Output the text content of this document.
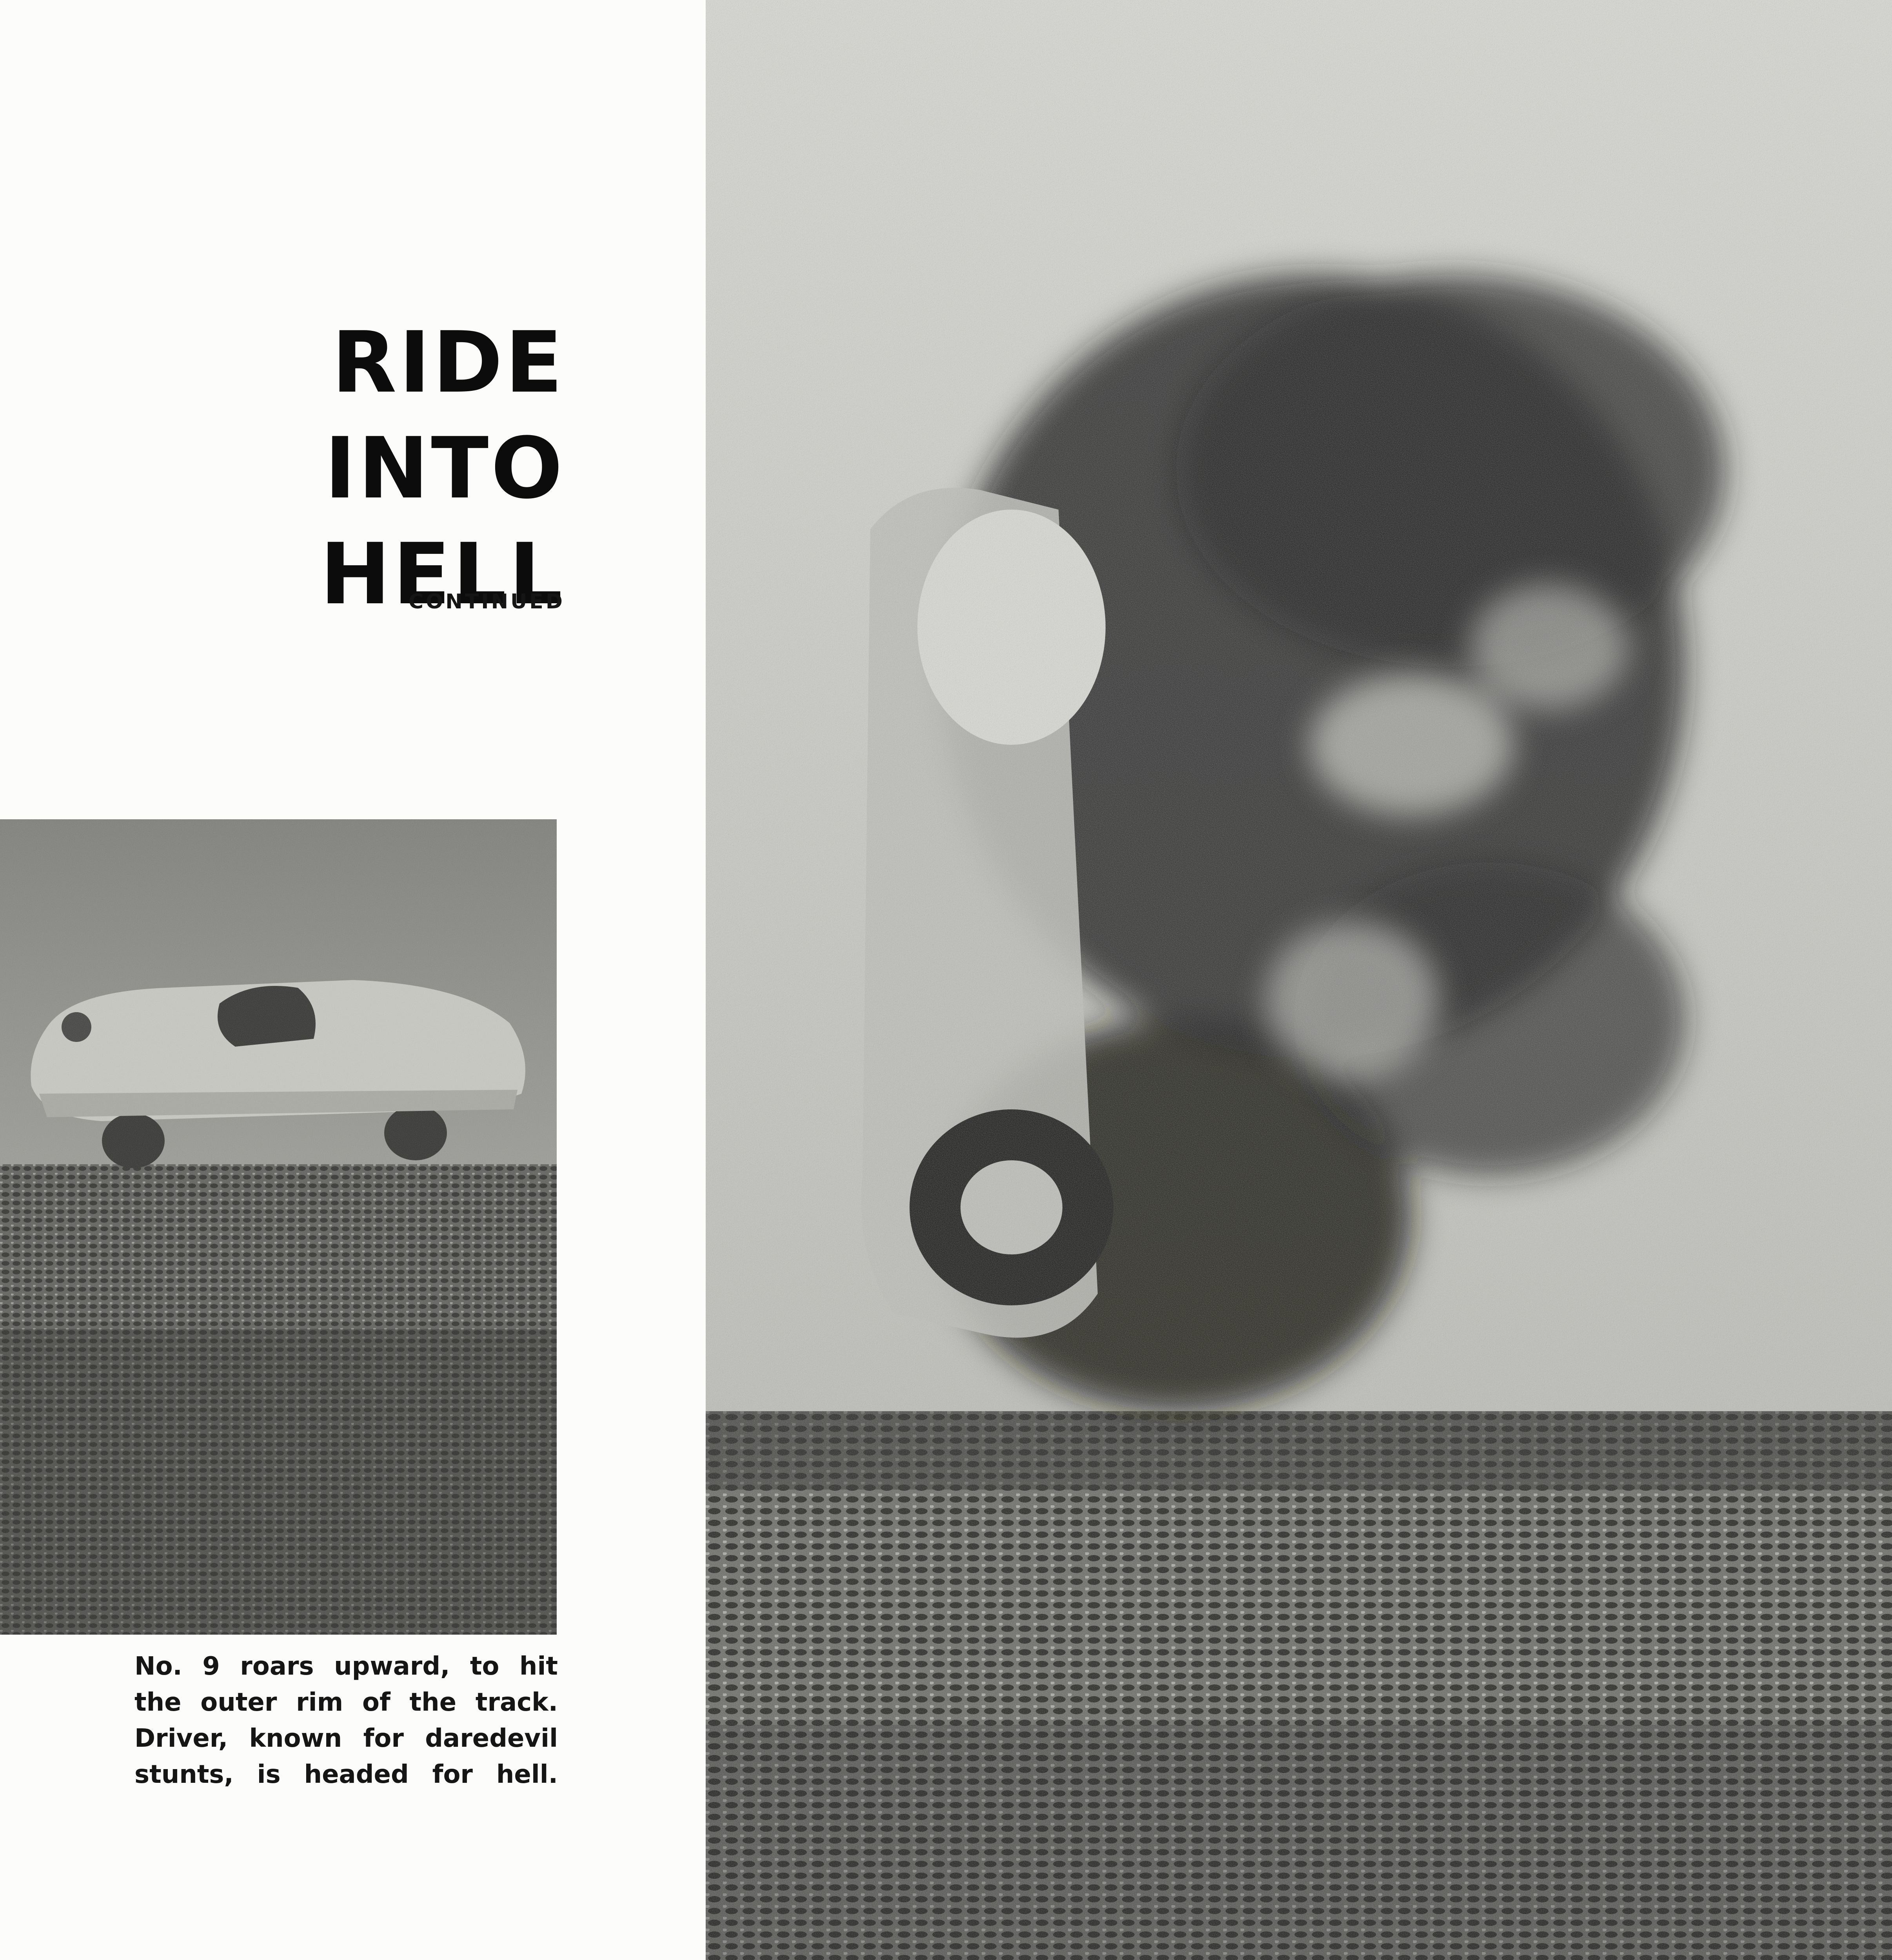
RIDE
INTO
HELL
CONTINUED
No. 9 roars upward, to hit
the outer rim of the track.
Driver, known for daredevil
stunts, is headed for hell.
